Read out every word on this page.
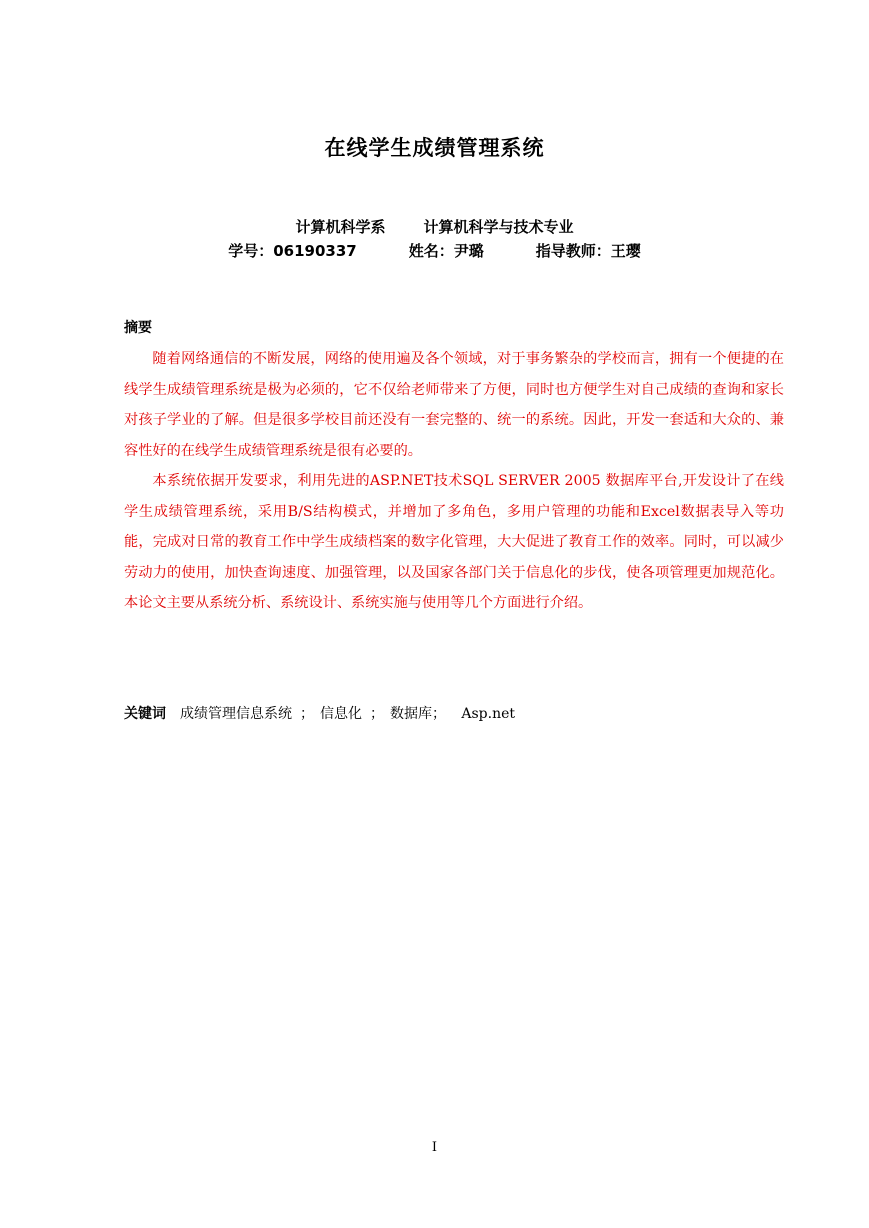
在线学生成绩管理系统
计算机科学系	计算机科学与技术专业
学号：06190337	姓名：尹璐	指导教师：王璎
摘要

随着网络通信的不断发展，网络的使用遍及各个领域，对于事务繁杂的学校而言，拥有一个便捷的在线学生成绩管理系统是极为必须的，它不仅给老师带来了方便，同时也方便学生对自己成绩的查询和家长对孩子学业的了解。但是很多学校目前还没有一套完整的、统一的系统。因此，开发一套适和大众的、兼容性好的在线学生成绩管理系统是很有必要的。

本系统依据开发要求，利用先进的ASP.NET技术SQL SERVER 2005 数据库平台,开发设计了在线学生成绩管理系统，采用B/S结构模式，并增加了多角色，多用户管理的功能和Excel数据表导入等功能，完成对日常的教育工作中学生成绩档案的数字化管理，大大促进了教育工作的效率。同时，可以减少劳动力的使用，加快查询速度、加强管理，以及国家各部门关于信息化的步伐，使各项管理更加规范化。本论文主要从系统分析、系统设计、系统实施与使用等几个方面进行介绍。

关键词 成绩管理信息系统 ； 信息化 ； 数据库； Asp.net
I
